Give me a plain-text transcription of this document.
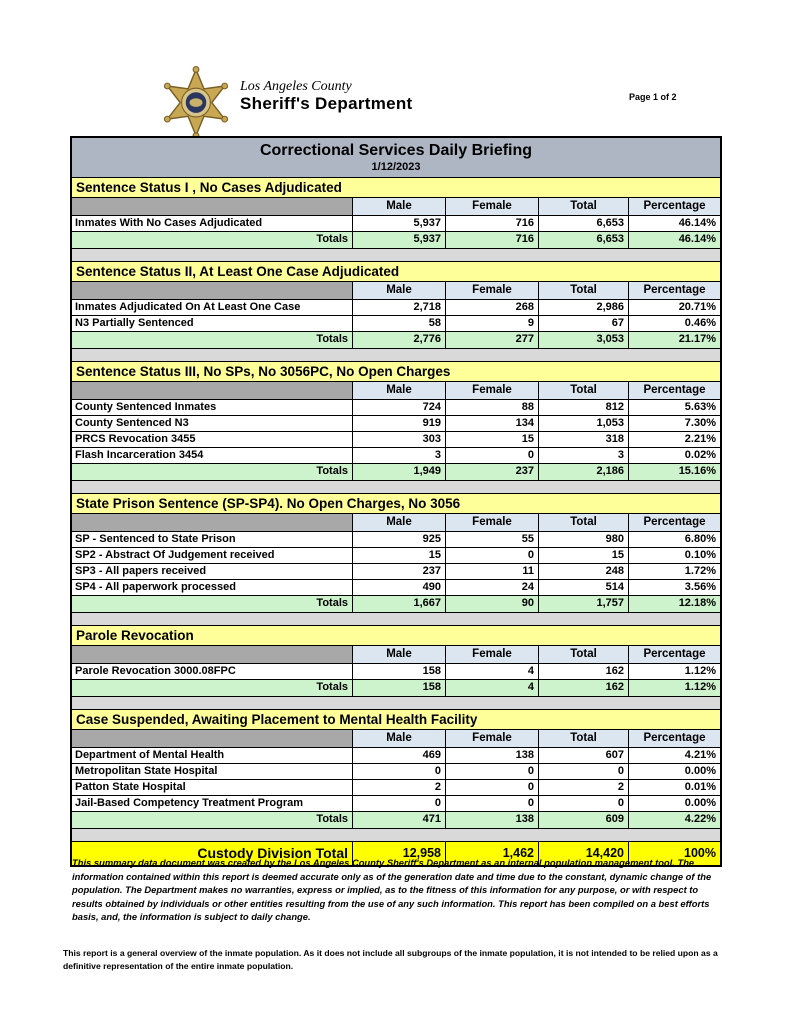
Los Angeles County
Sheriff's Department	Page 1 of 2
Correctional Services Daily Briefing
1/12/2023
Sentence Status I , No Cases Adjudicated
Male	Female	Total	Percentage
Inmates With No Cases Adjudicated	5,937	716	6,653	46.14%
Totals	5,937	716	6,653	46.14%
Sentence Status II, At Least One Case Adjudicated
Male	Female	Total	Percentage
Inmates Adjudicated On At Least One Case	2,718	268	2,986	20.71%
N3 Partially Sentenced	58	9	67	0.46%
Totals	2,776	277	3,053	21.17%
Sentence Status III, No SPs, No 3056PC, No Open Charges
Male	Female	Total	Percentage
County Sentenced Inmates	724	88	812	5.63%
County Sentenced N3	919	134	1,053	7.30%
PRCS Revocation 3455	303	15	318	2.21%
Flash Incarceration 3454	3	0	3	0.02%
Totals	1,949	237	2,186	15.16%
State Prison Sentence (SP-SP4). No Open Charges, No 3056
Male	Female	Total	Percentage
SP - Sentenced to State Prison	925	55	980	6.80%
SP2 - Abstract Of Judgement received	15	0	15	0.10%
SP3 - All papers received	237	11	248	1.72%
SP4 - All paperwork processed	490	24	514	3.56%
Totals	1,667	90	1,757	12.18%
Parole Revocation
Male	Female	Total	Percentage
Parole Revocation 3000.08FPC	158	4	162	1.12%
Totals	158	4	162	1.12%
Case Suspended, Awaiting Placement to Mental Health Facility
Male	Female	Total	Percentage
Department of Mental Health	469	138	607	4.21%
Metropolitan State Hospital	0	0	0	0.00%
Patton State Hospital	2	0	2	0.01%
Jail-Based Competency Treatment Program	0	0	0	0.00%
Totals	471	138	609	4.22%
Custody Division Total	12,958	1,462	14,420	100%
This summary data document was created by the Los Angeles County Sheriff's Department as an internal population management tool. The information contained within this report is deemed accurate only as of the generation date and time due to the constant, dynamic change of the population. The Department makes no warranties, express or implied, as to the fitness of this information for any purpose, or with respect to results obtained by individuals or other entities resulting from the use of any such information. This report has been compiled on a best efforts basis, and, the information is subject to daily change.
This report is a general overview of the inmate population. As it does not include all subgroups of the inmate population, it is not intended to be relied upon as a definitive representation of the entire inmate population.
